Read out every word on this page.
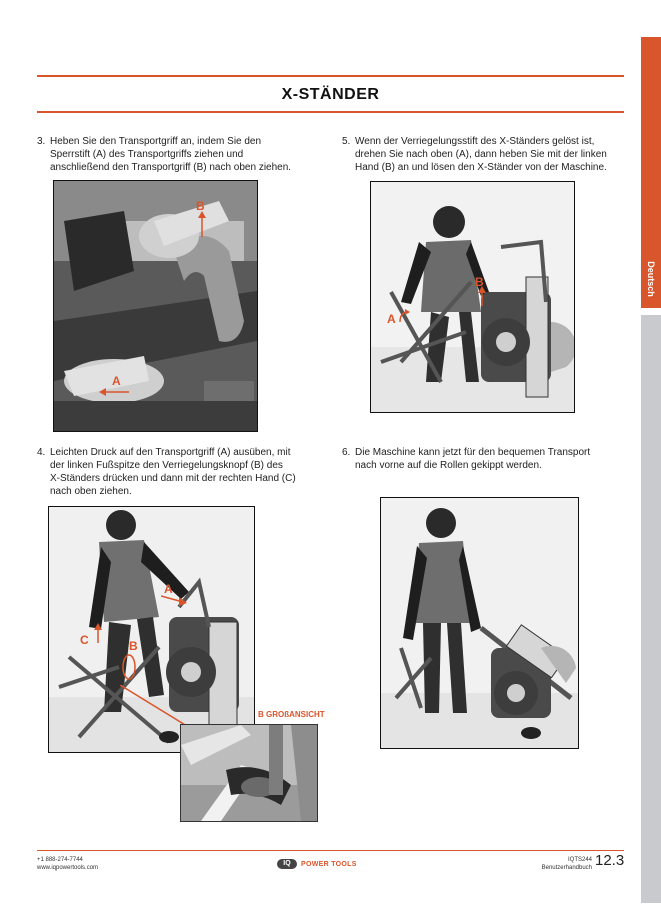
Deutsch
X-STÄNDER
3. Heben Sie den Transportgriff an, indem Sie den
Sperrstift (A) des Transportgriffs ziehen und
anschließend den Transportgriff (B) nach oben ziehen.
5. Wenn der Verriegelungsstift des X-Ständers gelöst ist,
drehen Sie nach oben (A), dann heben Sie mit der linken
Hand (B) an und lösen den X-Ständer von der Maschine.
B
A
A
B
4. Leichten Druck auf den Transportgriff (A) ausüben, mit
der linken Fußspitze den Verriegelungsknopf (B) des
X-Ständers drücken und dann mit der rechten Hand (C)
nach oben ziehen.
6. Die Maschine kann jetzt für den bequemen Transport
nach vorne auf die Rollen gekippt werden.
A
C	B
B GROßANSICHT
+1 888-274-7744
www.iqpowertools.com
IQ	POWER TOOLS
IQTS244
Benutzerhandbuch 12.3
